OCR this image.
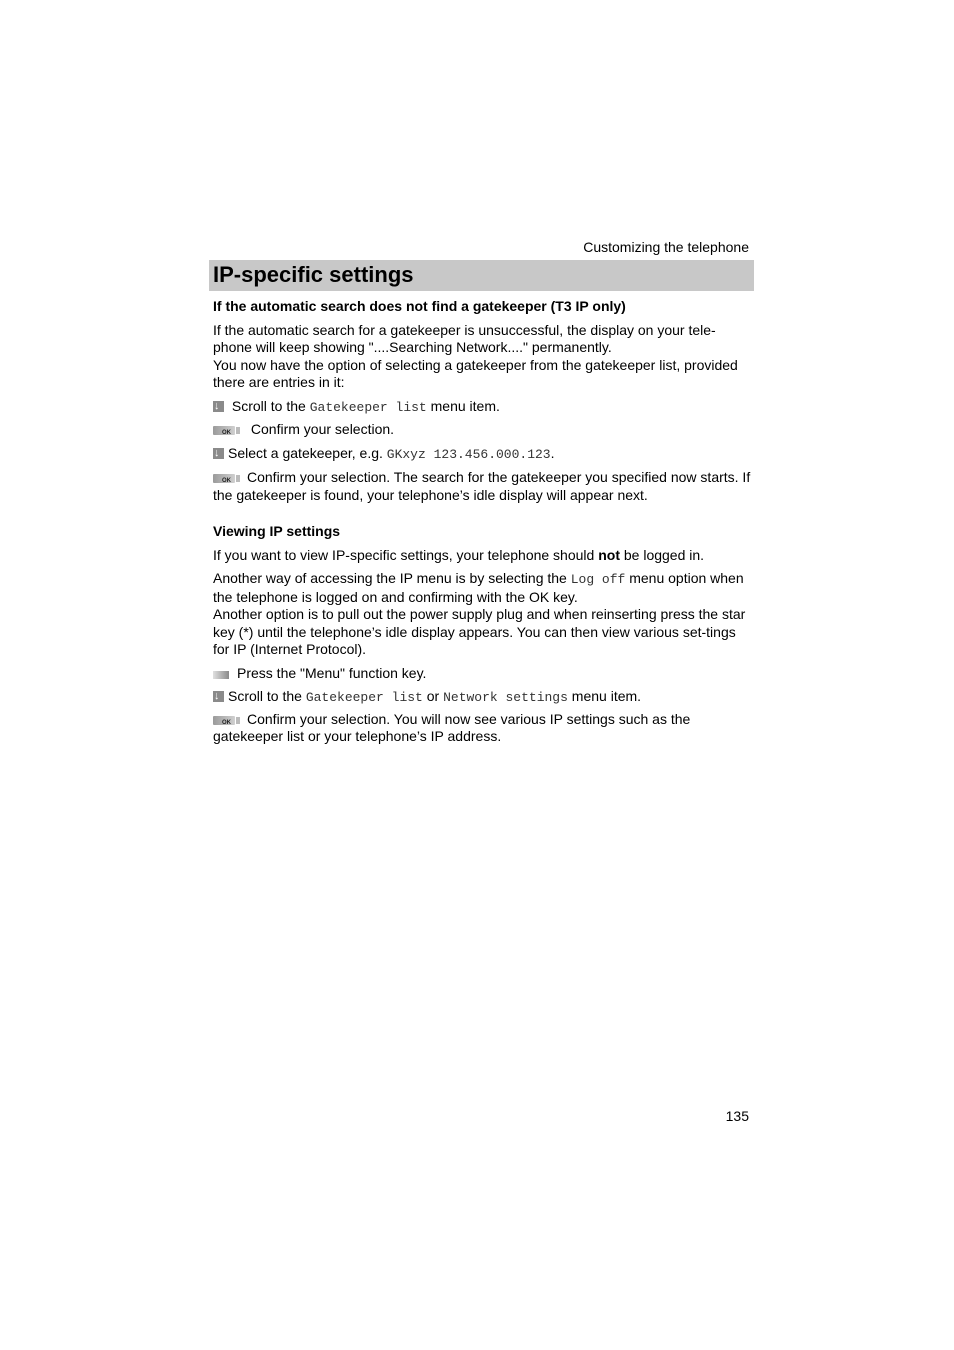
Customizing the telephone
IP-specific settings

If the automatic search does not find a gatekeeper (T3 IP only)

If the automatic search for a gatekeeper is unsuccessful, the display on your tele-phone will keep showing "....Searching Network...." permanently.

You now have the option of selecting a gatekeeper from the gatekeeper list, provided there are entries in it:

↓ Scroll to the Gatekeeper list menu item.

OK Confirm your selection.

↓Select a gatekeeper, e.g. GKxyz 123.456.000.123.

OK Confirm your selection. The search for the gatekeeper you specified now starts. If the gatekeeper is found, your telephone’s idle display will appear next.

Viewing IP settings

If you want to view IP-specific settings, your telephone should not be logged in.

Another way of accessing the IP menu is by selecting the Log off menu option when the telephone is logged on and confirming with the OK key.

Another option is to pull out the power supply plug and when reinserting press the star key (*) until the telephone’s idle display appears. You can then view various set-tings for IP (Internet Protocol).

Press the "Menu" function key.

↓Scroll to the Gatekeeper list or Network settings menu item.

OK Confirm your selection. You will now see various IP settings such as the gatekeeper list or your telephone’s IP address.

135
